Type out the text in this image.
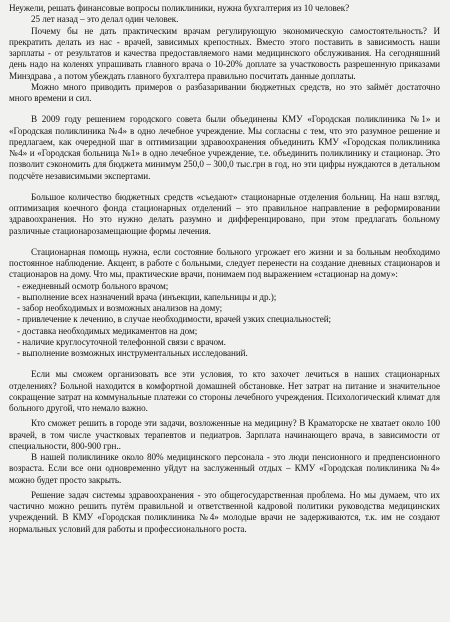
Неужели, решать финансовые вопросы поликлиники, нужна бухгалтерия из 10 человек?

25 лет назад – это делал один человек.

Почему бы не дать практическим врачам регулирующую экономическую самостоятельность? И прекратить делать из нас - врачей, зависимых крепостных. Вместо этого поставить в зависимость наши зарплаты - от результатов и качества предоставляемого нами медицинского обслуживания. На сегодняшний день надо на коленях упрашивать главного врача о 10-20% доплате за участковость разрешенную приказами Минздрава , а потом убеждать главного бухгалтера правильно посчитать данные доплаты.

Можно много приводить примеров о разбазаривании бюджетных средств, но это займёт достаточно много времени и сил.

В 2009 году решением городского совета были объединены КМУ «Городская поликлиника №1» и «Городская поликлиника №4» в одно лечебное учреждение. Мы согласны с тем, что это разумное решение и предлагаем, как очередной шаг в оптимизации здравоохранения объединить КМУ «Городская поликлиника №4» и «Городская больница №1» в одно лечебное учреждение, т.е. объединить поликлинику и стационар. Это позволит сэкономить для бюджета минимум 250,0 – 300,0 тыс.грн в год, но эти цифры нуждаются в детальном подсчёте независимыми экспертами.

Большое количество бюджетных средств «съедают» стационарные отделения больниц. На наш взгляд, оптимизация коечного фонда стационарных отделений – это правильное направление в реформировании здравоохранения. Но это нужно делать разумно и дифференцировано, при этом предлагать больному различные стационарозамещающие формы лечения.

Стационарная помощь нужна, если состояние больного угрожает его жизни и за больным необходимо постоянное наблюдение. Акцент, в работе с больными, следует перенести на создание дневных стационаров и стационаров на дому. Что мы, практические врачи, понимаем под выражением «стационар на дому»:

- ежедневный осмотр больного врачом;
- выполнение всех назначений врача (инъекции, капельницы и др.);
- забор необходимых и возможных анализов на дому;
- привлечение к лечению, в случае необходимости, врачей узких специальностей;
- доставка необходимых медикаментов на дом;
- наличие круглосуточной телефонной связи с врачом.
- выполнение возможных инструментальных исследований.

Если мы сможем организовать все эти условия, то кто захочет лечиться в наших стационарных отделениях? Больной находится в комфортной домашней обстановке. Нет затрат на питание и значительное сокращение затрат на коммунальные платежи со стороны лечебного учреждения. Психологический климат для больного другой, что немало важно.

Кто сможет решить в городе эти задачи, возложенные на медицину? В Краматорске не хватает около 100 врачей, в том числе участковых терапевтов и педиатров. Зарплата начинающего врача, в зависимости от специальности, 800-900 грн..

В нашей поликлинике около 80% медицинского персонала - это люди пенсионного и предпенсионного возраста. Если все они одновременно уйдут на заслуженный отдых – КМУ «Городская поликлиника №4» можно будет просто закрыть.

Решение задач системы здравоохранения - это общегосударственная проблема. Но мы думаем, что их частично можно решить путём правильной и ответственной кадровой политики руководства медицинских учреждений. В КМУ «Городская поликлиника №4» молодые врачи не задерживаются, т.к. им не создают нормальных условий для работы и профессионального роста.
